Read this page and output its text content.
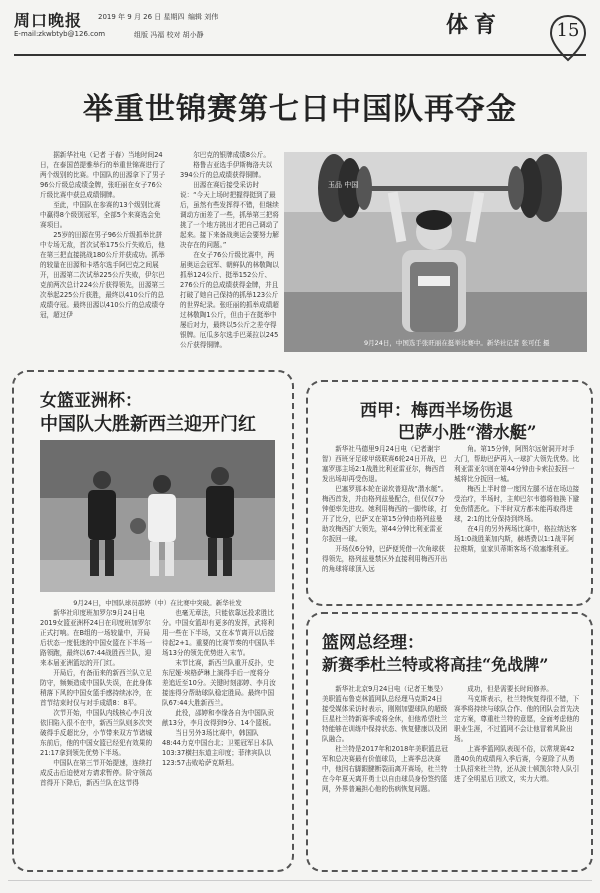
周口晚报
E-mail:zkwbtyb@126.com
2019 年 9 月 26 日 星期四 编辑 刘伟
组版 冯福 校对 胡小静	体育	15
举重世锦赛第七日中国队再夺金

据新华社电（记者 于春）当地时间24日，在泰国芭提雅举行的举重世锦赛进行了两个级别的比赛。中国队的田源拿下了男子96公斤级总成绩金牌，张旺丽在女子76公斤级比赛中获总成绩铜牌。

至此，中国队在参赛的13个级别比赛中赢得8个级别冠军，全部5个来赛选会免赛项目。

25岁的田源在男子96公斤级抓举比拼中专场无敌，首次试举175公斤失败后，他在第三把直接挑战180公斤并获成功。抓举的较量在田源和卡塔尔选手阿巴克之间展开，田源第二次试举225公斤失败，伊尔巴克前两次总计224公斤获得领先，田源第三次举起225公斤获胜，最终以410公斤的总成绩夺冠。最终田源以410公斤的总成绩夺冠，超过伊

尔巴克的银牌成绩8公斤。

格鲁吉亚选手伊斯梅洛夫以394公斤的总成绩获得铜牌。

田源在赛后接受采访时说：“今天上场时把握得挺到了最后，虽然有些发挥得不错，但继续调动方面差了一些，抓举第三把将挑了一个地方挑出才把自己调动了起来。接下来备战奥运会要努力解决存在的问题。”

在女子76公斤级比赛中，两届奥运会冠军、朝鲜队的林敬陶以抓举124公斤、挺举152公斤、276公斤的总成绩获得金牌，并且打破了她自己保持的抓举123公斤的世界纪录。张旺丽的抓举成绩超过林敬陶1公斤，但由于在挺举中屡后对力，最终以5公斤之差夺得银牌。厄瓜多尔选手巴莱拉以245公斤获得铜牌。

玉品 中国
9月24日，中国选手张旺丽在挺举比赛中。新华社记者 张可任 摄
女篮亚洲杯：
中国队大胜新西兰迎开门红
9月24日，中国队球员邵婷（中）在比赛中突破。新华社发

新华社印度班加罗尔9月24日电 2019女篮亚洲杯24日在印度班加罗尔正式打响。在B组的一场较量中，开局后状态一度低迷的中国女篮在下半场一路领跑，最终以67:44战胜西兰队，迎来本届亚洲篮坛的开门红。

开局后，有备而来的新西兰队立足防守，频频造成中国队失误，在此身体稍落下风的中国女篮手感持续冰冷，在首节结束时仅与对手成绩8：8平。

次节开始，中国队内线核心李月汝依旧陷入很不在中，新西兰队则多次突破得手反超比分，小节带来双方节诸城东前后，他的中国女篮已经犯有效果的21:17拿到领先优势下半场。

中国队在第三节开始提速，连续打成反击后迫使对方请求暂停。阶守领高首得开下降后，新西兰队在这节得

也毫无章法，只能依靠远投求胜比分。中国女篮却有更多的发挥，武将利用一些在下半场，又在本节离开以后接待起2+1。重要的比赛节奏的中国队半场13分的领先优势进入末节。

末节比赛，新西兰队重开反扑，史东尼娅·埃格萨琳上演得手后一度将分差追近至10分。关键时刻邵婷、李月汝接连得分帮助球队稳定胜局。最终中国队67:44大胜新西兰。

此役，邵婷和李缘各自为中国队贡献13分，李月汝得到9分、14个篮板。

当日另外3场比赛中，韩国队48:44力克中国台北；卫冕冠军日本队103:37横扫东道主印度；菲律宾队以123:57击败哈萨克斯坦。

西甲：梅西半场伤退
巴萨小胜“潜水艇”

新华社马德里9月24日电（记者谢宇智）西班牙足球甲级联赛6轮24日开战，巴塞罗那主场2:1战胜比利亚雷亚尔，梅西首发出场却再受伤退。

巴塞罗那本轮在诺坎普迎战“潜水艇”。梅西首发，并由格列兹曼配合，但仅仅7分钟便率先进攻。她利用梅西的一脚传球，打开了比分，巴萨又在第15分钟由格列兹曼助攻梅西扩大领先，第44分钟比利亚雷亚尔扳回一球。

开场仅6分钟，巴萨便凭借一次角球获得领先，格列兹曼禁区外直接利用梅西开出的角球将球顶入远

角。第15分钟，阿图尔远射洞开对手大门，帮助巴萨再入一球扩大领先优势。比利亚雷亚尔则在第44分钟由卡索拉扳回一城将比分扳回一城。

梅西上半时曾一度因左腿不适在场边接受治疗，半场时，主帅巴尔韦德将他换下避免伤情恶化。下半时双方都未能再取得进球，2:1的比分保持到终场。

在4月的另外两场比赛中，格拉纳达客场1:0战胜莱加内斯，赫塔费以1:1战平阿拉维斯，皇家贝蒂斯客场不敌塞维利亚。

篮网总经理：
新赛季杜兰特或将高挂“免战牌”

新华社北京9月24日电（记者王集旻）美职篮布鲁克林篮网队总经理马克斯24日接受媒体采访时表示，刚刚加盟球队的超级巨星杜兰特新赛季或将全休，但他希望杜兰特能够在训练中保持状态、恢复健康以及团队融合。

杜兰特是2017年和2018年美职篮总冠军和总决赛最有价值球员，上赛季总决赛中，他因右脚跟腱断裂而离开赛场，杜兰特在今年夏天离开勇士以自由球员身份签约篮网，外界普遍担心他的伤病恢复问题。

成功，但是需要长时间修养。

马克斯表示，杜兰特恢复得很不错，下赛季将持续与球队合作、他的团队会首先决定方案，尊重杜兰特的意愿，全面考虑他的职业生涯，不过篮网不会让他冒着风险出场。

上赛季篮网队表现不俗，以常规赛42胜40负的成绩闯入季后赛，今夏除了从勇士队招来杜兰特，还从波士顿凯尔特人队引进了全明星后卫欧文，实力大增。
